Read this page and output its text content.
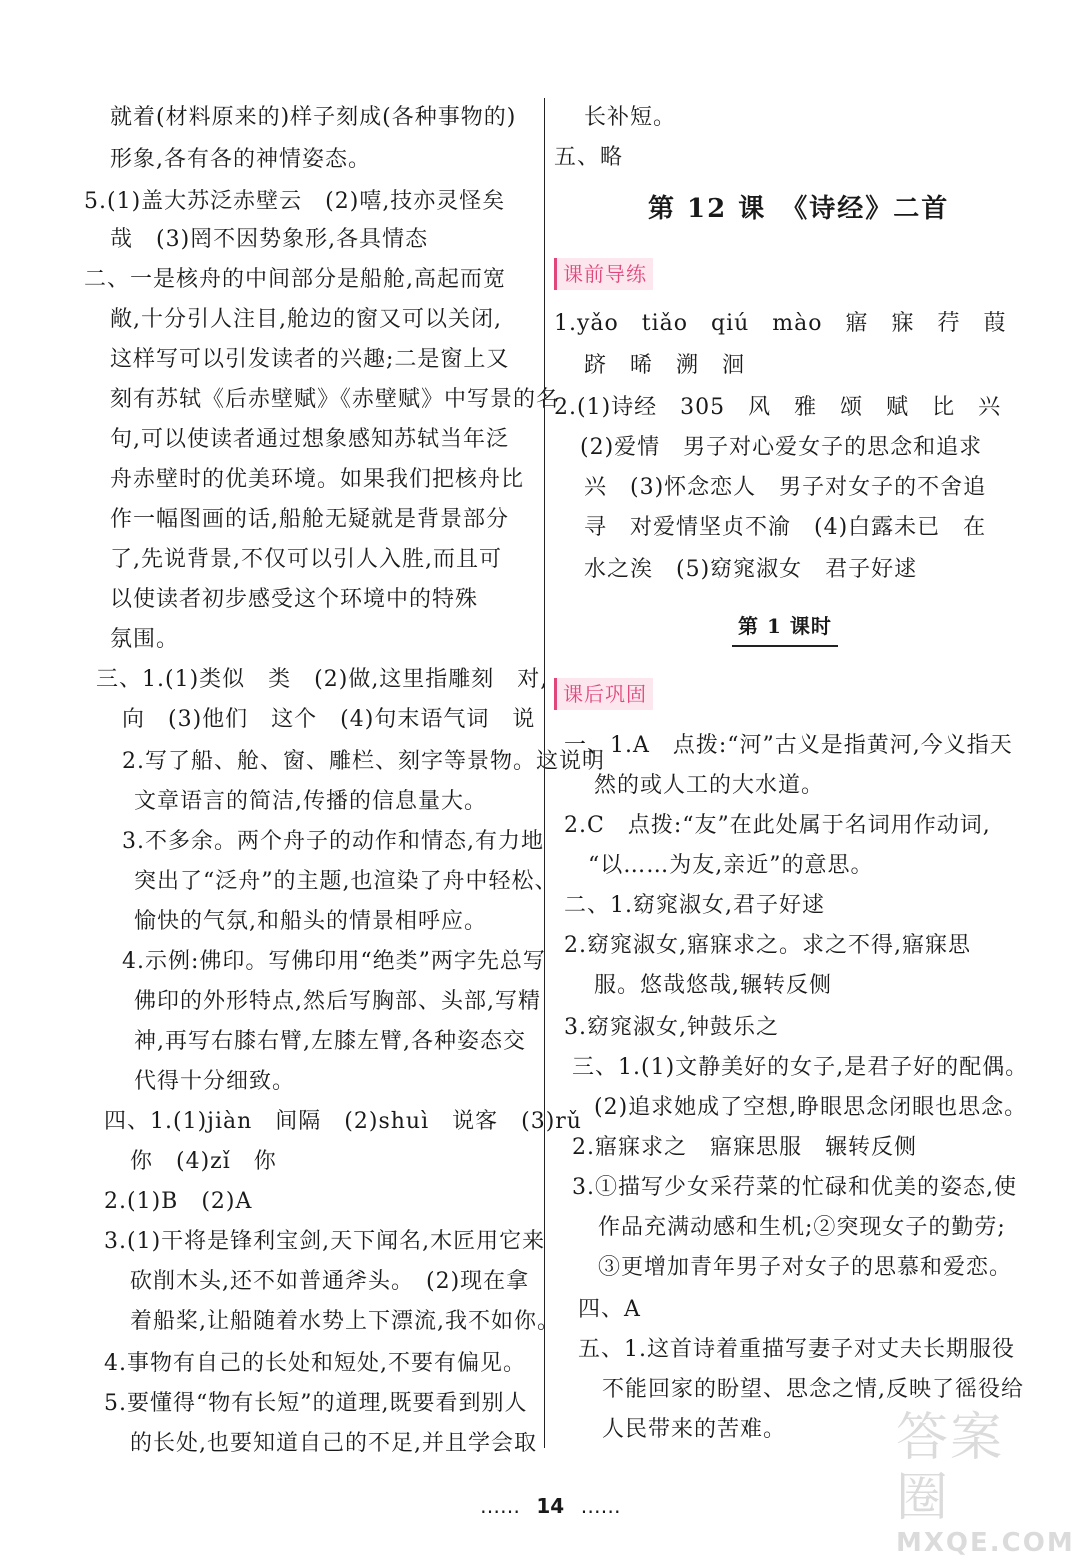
就着(材料原来的)样子刻成(各种事物的)
形象,各有各的神情姿态。
5.(1)盖大苏泛赤壁云　(2)嘻,技亦灵怪矣
哉　(3)罔不因势象形,各具情态
二、一是核舟的中间部分是船舱,高起而宽
敞,十分引人注目,舱边的窗又可以关闭,
这样写可以引发读者的兴趣;二是窗上又
刻有苏轼《后赤壁赋》《赤壁赋》中写景的名
句,可以使读者通过想象感知苏轼当年泛
舟赤壁时的优美环境。如果我们把核舟比
作一幅图画的话,船舱无疑就是背景部分
了,先说背景,不仅可以引人入胜,而且可
以使读者初步感受这个环境中的特殊
氛围。
三、1.(1)类似　类　(2)做,这里指雕刻　对,
向　(3)他们　这个　(4)句末语气词　说
2.写了船、舱、窗、雕栏、刻字等景物。这说明
文章语言的简洁,传播的信息量大。
3.不多余。两个舟子的动作和情态,有力地
突出了“泛舟”的主题,也渲染了舟中轻松、
愉快的气氛,和船头的情景相呼应。
4.示例:佛印。写佛印用“绝类”两字先总写
佛印的外形特点,然后写胸部、头部,写精
神,再写右膝右臂,左膝左臂,各种姿态交
代得十分细致。
四、1.(1)jiàn　间隔　(2)shuì　说客　(3)rǔ
你　(4)zǐ　你
2.(1)B　(2)A
3.(1)干将是锋利宝剑,天下闻名,木匠用它来
砍削木头,还不如普通斧头。　(2)现在拿
着船桨,让船随着水势上下漂流,我不如你。
4.事物有自己的长处和短处,不要有偏见。
5.要懂得“物有长短”的道理,既要看到别人
的长处,也要知道自己的不足,并且学会取
长补短。
五、略
1.yǎo　tiǎo　qiú　mào　寤　寐　荇　葭
跻　晞　溯　洄
2.(1)诗经　305　风　雅　颂　赋　比　兴
(2)爱情　男子对心爱女子的思念和追求
兴　(3)怀念恋人　男子对女子的不舍追
寻　对爱情坚贞不渝　(4)白露未已　在
水之涘　(5)窈窕淑女　君子好逑
一、1.A　点拨:“河”古义是指黄河,今义指天
然的或人工的大水道。
2.C　点拨:“友”在此处属于名词用作动词,
“以……为友,亲近”的意思。
二、1.窈窕淑女,君子好逑
2.窈窕淑女,寤寐求之。求之不得,寤寐思
服。悠哉悠哉,辗转反侧
3.窈窕淑女,钟鼓乐之
三、1.(1)文静美好的女子,是君子好的配偶。
(2)追求她成了空想,睁眼思念闭眼也思念。
2.寤寐求之　寤寐思服　辗转反侧
3.①描写少女采荇菜的忙碌和优美的姿态,使
作品充满动感和生机;②突现女子的勤劳;
③更增加青年男子对女子的思慕和爱恋。
四、A
五、1.这首诗着重描写妻子对丈夫长期服役
不能回家的盼望、思念之情,反映了徭役给
人民带来的苦难。
第 12 课　《诗经》二首
课前导练
第 1 课时
课后巩固
…… 14 ……
答案圈
MXQE.COM
